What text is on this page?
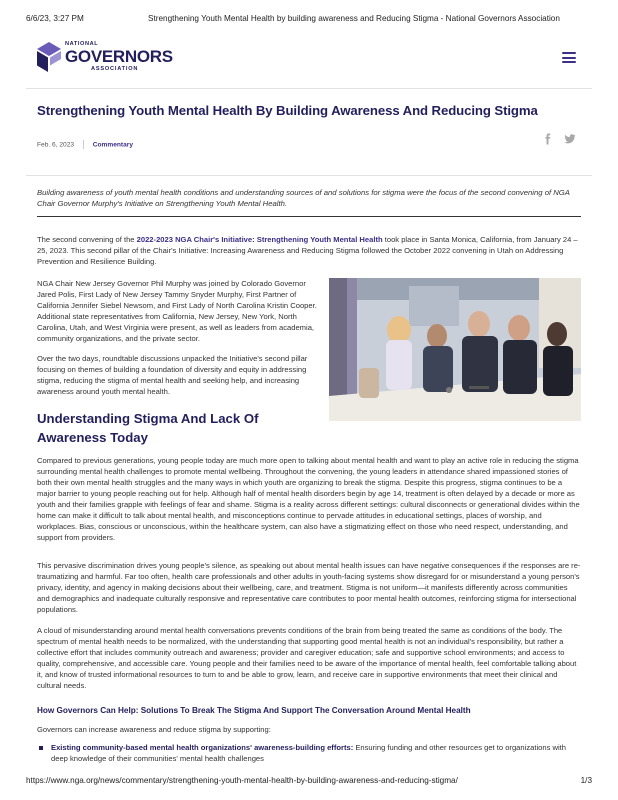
6/6/23, 3:27 PM	Strengthening Youth Mental Health by building awareness and Reducing Stigma - National Governors Association
NATIONAL
GOVERNORS
ASSOCIATION
Strengthening Youth Mental Health By Building Awareness And Reducing Stigma
Feb. 6, 2023	Commentary

Building awareness of youth mental health conditions and understanding sources of and solutions for stigma were the focus of the second convening of NGA Chair Governor Murphy's Initiative on Strengthening Youth Mental Health.

The second convening of the 2022-2023 NGA Chair's Initiative: Strengthening Youth Mental Health took place in Santa Monica, California, from January 24 – 25, 2023. This second pillar of the Chair's Initiative: Increasing Awareness and Reducing Stigma followed the October 2022 convening in Utah on Addressing Prevention and Resilience Building.

NGA Chair New Jersey Governor Phil Murphy was joined by Colorado Governor Jared Polis, First Lady of New Jersey Tammy Snyder Murphy, First Partner of California Jennifer Siebel Newsom, and First Lady of North Carolina Kristin Cooper. Additional state representatives from California, New Jersey, New York, North Carolina, Utah, and West Virginia were present, as well as leaders from academia, community organizations, and the private sector.

Over the two days, roundtable discussions unpacked the Initiative's second pillar focusing on themes of building a foundation of diversity and equity in addressing stigma, reducing the stigma of mental health and seeking help, and increasing awareness around youth mental health.

Understanding Stigma And Lack Of Awareness Today

Compared to previous generations, young people today are much more open to talking about mental health and want to play an active role in reducing the stigma surrounding mental health challenges to promote mental wellbeing. Throughout the convening, the young leaders in attendance shared impassioned stories of both their own mental health struggles and the many ways in which youth are organizing to break the stigma. Despite this progress, stigma continues to be a major barrier to young people reaching out for help. Although half of mental health disorders begin by age 14, treatment is often delayed by a decade or more as youth and their families grapple with feelings of fear and shame. Stigma is a reality across different settings: cultural disconnects or generational divides within the home can make it difficult to talk about mental health, and misconceptions continue to pervade attitudes in educational settings, places of worship, and workplaces. Bias, conscious or unconscious, within the healthcare system, can also have a stigmatizing effect on those who need respect, understanding, and support from providers.

This pervasive discrimination drives young people's silence, as speaking out about mental health issues can have negative consequences if the responses are re-traumatizing and harmful. Far too often, health care professionals and other adults in youth-facing systems show disregard for or misunderstand a young person's privacy, identity, and agency in making decisions about their wellbeing, care, and treatment. Stigma is not uniform—it manifests differently across communities and demographics and inadequate culturally responsive and representative care contributes to poor mental health outcomes, reinforcing stigma for intersectional populations.

A cloud of misunderstanding around mental health conversations prevents conditions of the brain from being treated the same as conditions of the body. The spectrum of mental health needs to be normalized, with the understanding that supporting good mental health is not an individual's responsibility, but rather a collective effort that includes community outreach and awareness; provider and caregiver education; safe and supportive school environments; and access to quality, comprehensive, and accessible care. Young people and their families need to be aware of the importance of mental health, feel comfortable talking about it, and know of trusted informational resources to turn to and be able to grow, learn, and receive care in supportive environments that meet their clinical and cultural needs.

How Governors Can Help: Solutions To Break The Stigma And Support The Conversation Around Mental Health

Governors can increase awareness and reduce stigma by supporting:

Existing community-based mental health organizations' awareness-building efforts: Ensuring funding and other resources get to organizations with deep knowledge of their communities' mental health challenges
https://www.nga.org/news/commentary/strengthening-youth-mental-health-by-building-awareness-and-reducing-stigma/	1/3
